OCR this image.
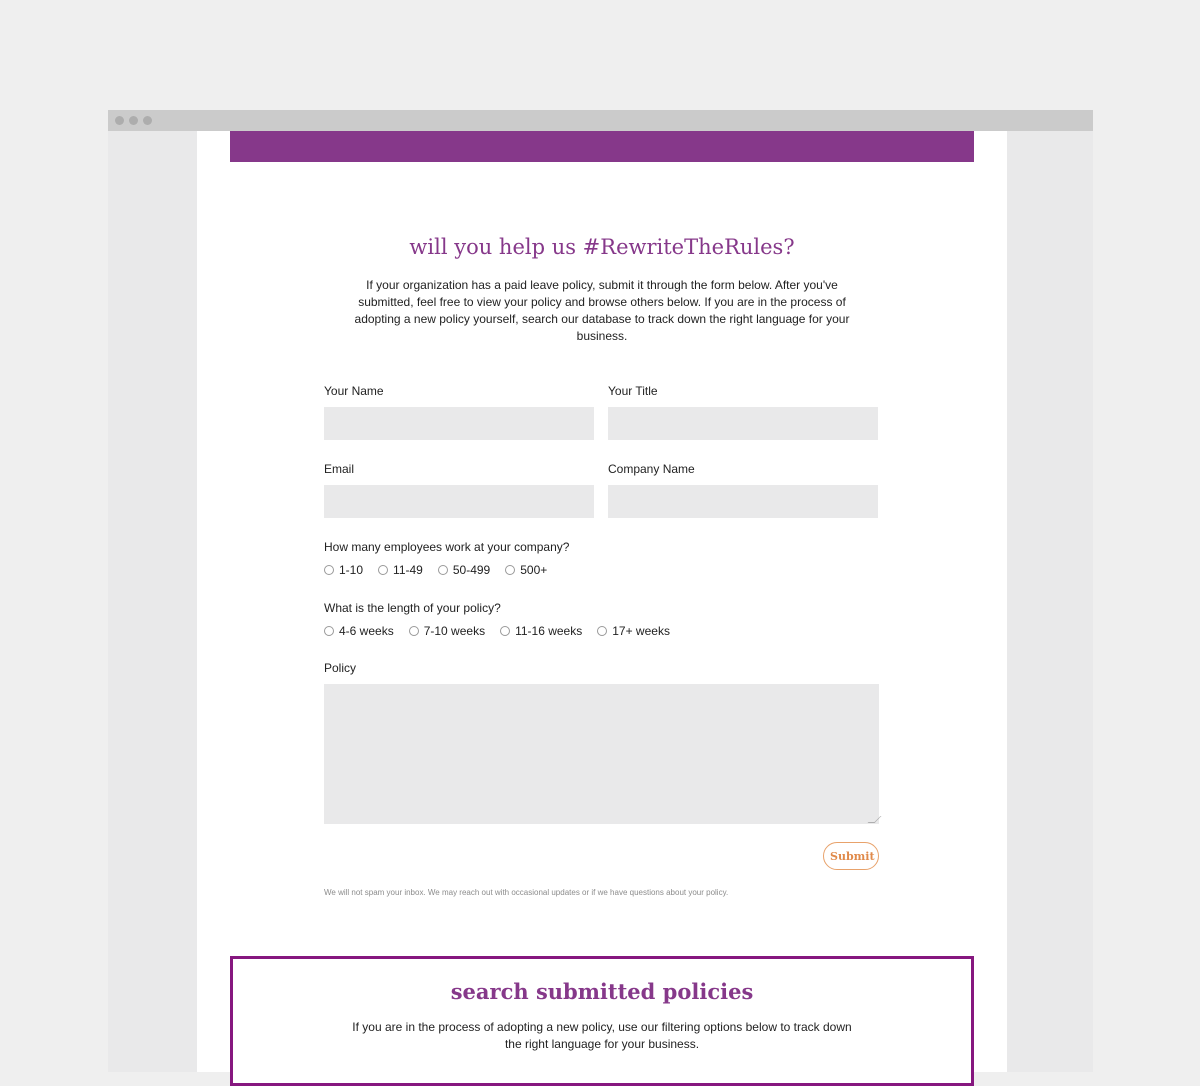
will you help us #RewriteTheRules?

If your organization has a paid leave policy, submit it through the form below. After you've submitted, feel free to view your policy and browse others below. If you are in the process of adopting a new policy yourself, search our database to track down the right language for your business.

Your Name	Your Title
Email	Company Name
How many employees work at your company?
1-10	11-49	50-499	500+
What is the length of your policy?
4-6 weeks	7-10 weeks	11-16 weeks	17+ weeks
Policy
Submit
We will not spam your inbox. We may reach out with occasional updates or if we have questions about your policy.
search submitted policies

If you are in the process of adopting a new policy, use our filtering options below to track down the right language for your business.
